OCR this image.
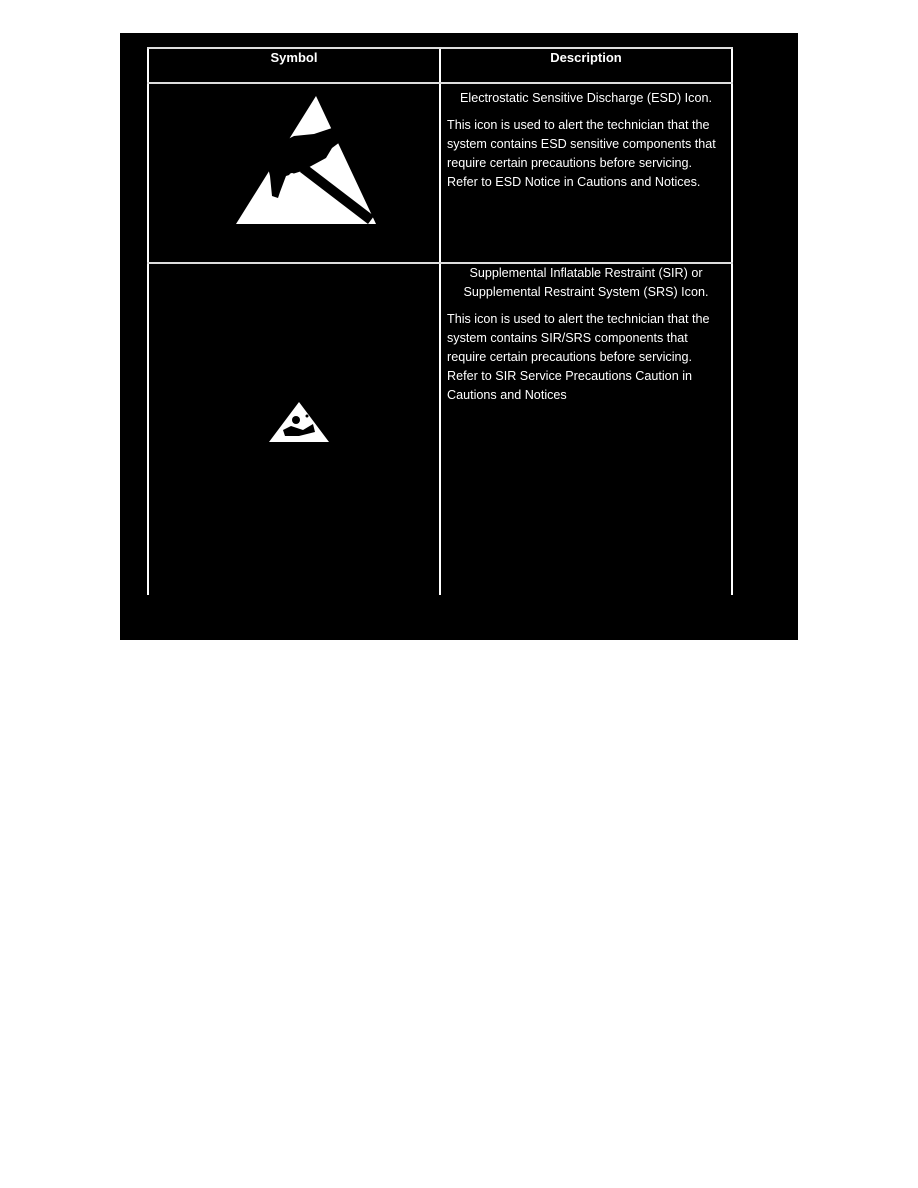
Symbol	Description
Electrostatic Sensitive Discharge (ESD) Icon.

This icon is used to alert the technician that the system contains ESD sensitive components that require certain precautions before servicing. Refer to ESD Notice in Cautions and Notices.

Supplemental Inflatable Restraint (SIR) or Supplemental Restraint System (SRS) Icon.

This icon is used to alert the technician that the system contains SIR/SRS components that require certain precautions before servicing. Refer to SIR Service Precautions Caution in Cautions and Notices
